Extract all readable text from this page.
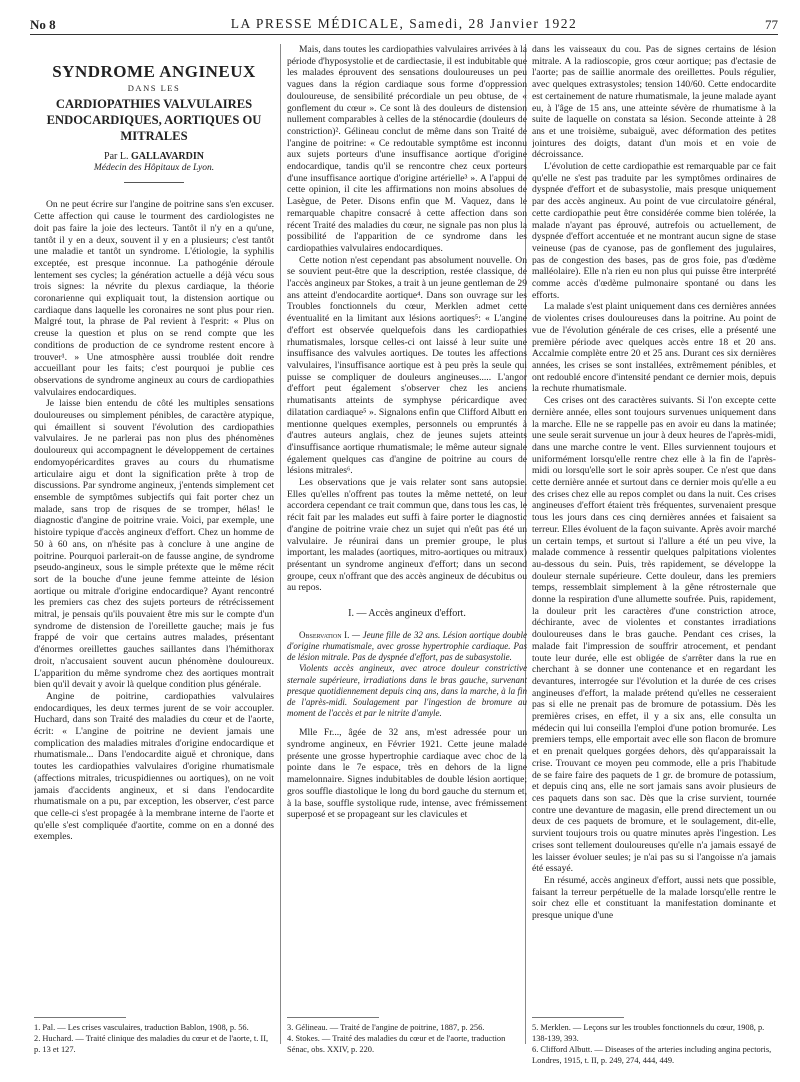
No 8	LA PRESSE MÉDICALE, Samedi, 28 Janvier 1922	77
SYNDROME ANGINEUX
DANS LES
CARDIOPATHIES VALVULAIRES
ENDOCARDIQUES, AORTIQUES OU MITRALES
Par L. GALLAVARDIN
Médecin des Hôpitaux de Lyon.

On ne peut écrire sur l'angine de poitrine sans s'en excuser. Cette affection qui cause le tourment des cardiologistes ne doit pas faire la joie des lecteurs. Tantôt il n'y en a qu'une, tantôt il y en a deux, souvent il y en a plusieurs; c'est tantôt une maladie et tantôt un syndrome. L'étiologie, la syphilis exceptée, est presque inconnue. La pathogénie déroule lentement ses cycles; la génération actuelle a déjà vécu sous trois signes: la névrite du plexus cardiaque, la théorie coronarienne qui expliquait tout, la distension aortique ou cardiaque dans laquelle les coronaires ne sont plus pour rien. Malgré tout, la phrase de Pal revient à l'esprit: « Plus on creuse la question et plus on se rend compte que les conditions de production de ce syndrome restent encore à trouver¹. » Une atmosphère aussi troublée doit rendre accueillant pour les faits; c'est pourquoi je publie ces observations de syndrome angineux au cours de cardiopathies valvulaires endocardiques.

Je laisse bien entendu de côté les multiples sensations douloureuses ou simplement pénibles, de caractère atypique, qui émaillent si souvent l'évolution des cardiopathies valvulaires. Je ne parlerai pas non plus des phénomènes douloureux qui accompagnent le développement de certaines endomyopéricardites graves au cours du rhumatisme articulaire aigu et dont la signification prête à trop de discussions. Par syndrome angineux, j'entends simplement cet ensemble de symptômes subjectifs qui fait porter chez un malade, sans trop de risques de se tromper, hélas! le diagnostic d'angine de poitrine vraie. Voici, par exemple, une histoire typique d'accès angineux d'effort. Chez un homme de 50 à 60 ans, on n'hésite pas à conclure à une angine de poitrine. Pourquoi parlerait-on de fausse angine, de syndrome pseudo-angineux, sous le simple prétexte que le même récit sort de la bouche d'une jeune femme atteinte de lésion aortique ou mitrale d'origine endocardique? Ayant rencontré les premiers cas chez des sujets porteurs de rétrécissement mitral, je pensais qu'ils pouvaient être mis sur le compte d'un syndrome de distension de l'oreillette gauche; mais je fus frappé de voir que certains autres malades, présentant d'énormes oreillettes gauches saillantes dans l'hémithorax droit, n'accusaient souvent aucun phénomène douloureux. L'apparition du même syndrome chez des aortiques montrait bien qu'il devait y avoir là quelque condition plus générale.

Angine de poitrine, cardiopathies valvulaires endocardiques, les deux termes jurent de se voir accoupler. Huchard, dans son Traité des maladies du cœur et de l'aorte, écrit: « L'angine de poitrine ne devient jamais une complication des maladies mitrales d'origine endocardique et rhumatismale... Dans l'endocardite aiguë et chronique, dans toutes les cardiopathies valvulaires d'origine rhumatismale (affections mitrales, tricuspidiennes ou aortiques), on ne voit jamais d'accidents angineux, et si dans l'endocardite rhumatismale on a pu, par exception, les observer, c'est parce que celle-ci s'est propagée à la membrane interne de l'aorte et qu'elle s'est compliquée d'aortite, comme on en a donné des exemples.

Mais, dans toutes les cardiopathies valvulaires arrivées à la période d'hyposystolie et de cardiectasie, il est indubitable que les malades éprouvent des sensations douloureuses un peu vagues dans la région cardiaque sous forme d'oppression douloureuse, de sensibilité précordiale un peu obtuse, de « gonflement du cœur ». Ce sont là des douleurs de distension nullement comparables à celles de la sténocardie (douleurs de constriction)². Gélineau conclut de même dans son Traité de l'angine de poitrine: « Ce redoutable symptôme est inconnu aux sujets porteurs d'une insuffisance aortique d'origine endocardique, tandis qu'il se rencontre chez ceux porteurs d'une insuffisance aortique d'origine artérielle³ ». A l'appui de cette opinion, il cite les affirmations non moins absolues de Lasègue, de Peter. Disons enfin que M. Vaquez, dans le remarquable chapitre consacré à cette affection dans son récent Traité des maladies du cœur, ne signale pas non plus la possibilité de l'apparition de ce syndrome dans les cardiopathies valvulaires endocardiques.

Cette notion n'est cependant pas absolument nouvelle. On se souvient peut-être que la description, restée classique, de l'accès angineux par Stokes, a trait à un jeune gentleman de 29 ans atteint d'endocardite aortique⁴. Dans son ouvrage sur les Troubles fonctionnels du cœur, Merklen admet cette éventualité en la limitant aux lésions aortiques⁵: « L'angine d'effort est observée quelquefois dans les cardiopathies rhumatismales, lorsque celles-ci ont laissé à leur suite une insuffisance des valvules aortiques. De toutes les affections valvulaires, l'insuffisance aortique est à peu près la seule qui puisse se compliquer de douleurs angineuses..... L'angor d'effort peut également s'observer chez les anciens rhumatisants atteints de symphyse péricardique avec dilatation cardiaque⁵ ». Signalons enfin que Clifford Albutt en mentionne quelques exemples, personnels ou empruntés à d'autres auteurs anglais, chez de jeunes sujets atteints d'insuffisance aortique rhumatismale; le même auteur signale également quelques cas d'angine de poitrine au cours de lésions mitrales⁶.

Les observations que je vais relater sont sans autopsie. Elles qu'elles n'offrent pas toutes la même netteté, on leur accordera cependant ce trait commun que, dans tous les cas, le récit fait par les malades eut suffi à faire porter le diagnostic d'angine de poitrine vraie chez un sujet qui n'eût pas été un valvulaire. Je réunirai dans un premier groupe, le plus important, les malades (aortiques, mitro-aortiques ou mitraux) présentant un syndrome angineux d'effort; dans un second groupe, ceux n'offrant que des accès angineux de décubitus ou au repos.

I. — Accès angineux d'effort.

Observation I. — Jeune fille de 32 ans. Lésion aortique double d'origine rhumatismale, avec grosse hypertrophie cardiaque. Pas de lésion mitrale. Pas de dyspnée d'effort, pas de subasystolie.

Violents accès angineux, avec atroce douleur constrictive sternale supérieure, irradiations dans le bras gauche, survenant presque quotidiennement depuis cinq ans, dans la marche, à la fin de l'après-midi. Soulagement par l'ingestion de bromure au moment de l'accès et par le nitrite d'amyle.

Mlle Fr..., âgée de 32 ans, m'est adressée pour un syndrome angineux, en Février 1921. Cette jeune malade présente une grosse hypertrophie cardiaque avec choc de la pointe dans le 7e espace, très en dehors de la ligne mamelonnaire. Signes indubitables de double lésion aortique; gros souffle diastolique le long du bord gauche du sternum et, à la base, souffle systolique rude, intense, avec frémissement superposé et se propageant sur les clavicules et

dans les vaisseaux du cou. Pas de signes certains de lésion mitrale. A la radioscopie, gros cœur aortique; pas d'ectasie de l'aorte; pas de saillie anormale des oreillettes. Pouls régulier, avec quelques extrasystoles; tension 140/60. Cette endocardite est certainement de nature rhumatismale, la jeune malade ayant eu, à l'âge de 15 ans, une atteinte sévère de rhumatisme à la suite de laquelle on constata sa lésion. Seconde atteinte à 28 ans et une troisième, subaiguë, avec déformation des petites jointures des doigts, datant d'un mois et en voie de décroissance.

L'évolution de cette cardiopathie est remarquable par ce fait qu'elle ne s'est pas traduite par les symptômes ordinaires de dyspnée d'effort et de subasystolie, mais presque uniquement par des accès angineux. Au point de vue circulatoire général, cette cardiopathie peut être considérée comme bien tolérée, la malade n'ayant pas éprouvé, autrefois ou actuellement, de dyspnée d'effort accentuée et ne montrant aucun signe de stase veineuse (pas de cyanose, pas de gonflement des jugulaires, pas de congestion des bases, pas de gros foie, pas d'œdème malléolaire). Elle n'a rien eu non plus qui puisse être interprété comme accès d'œdème pulmonaire spontané ou dans les efforts.

La malade s'est plaint uniquement dans ces dernières années de violentes crises douloureuses dans la poitrine. Au point de vue de l'évolution générale de ces crises, elle a présenté une première période avec quelques accès entre 18 et 20 ans. Accalmie complète entre 20 et 25 ans. Durant ces six dernières années, les crises se sont installées, extrêmement pénibles, et ont redoublé encore d'intensité pendant ce dernier mois, depuis la rechute rhumatismale.

Ces crises ont des caractères suivants. Si l'on excepte cette dernière année, elles sont toujours survenues uniquement dans la marche. Elle ne se rappelle pas en avoir eu dans la matinée; une seule serait survenue un jour à deux heures de l'après-midi, dans une marche contre le vent. Elles surviennent toujours et uniformément lorsqu'elle rentre chez elle à la fin de l'après-midi ou lorsqu'elle sort le soir après souper. Ce n'est que dans cette dernière année et surtout dans ce dernier mois qu'elle a eu des crises chez elle au repos complet ou dans la nuit. Ces crises angineuses d'effort étaient très fréquentes, survenaient presque tous les jours dans ces cinq dernières années et faisaient sa terreur. Elles évoluent de la façon suivante. Après avoir marché un certain temps, et surtout si l'allure a été un peu vive, la malade commence à ressentir quelques palpitations violentes au-dessous du sein. Puis, très rapidement, se développe la douleur sternale supérieure. Cette douleur, dans les premiers temps, ressemblait simplement à la gêne rétrosternale que donne la respiration d'une allumette soufrée. Puis, rapidement, la douleur prit les caractères d'une constriction atroce, déchirante, avec de violentes et constantes irradiations douloureuses dans le bras gauche. Pendant ces crises, la malade fait l'impression de souffrir atrocement, et pendant toute leur durée, elle est obligée de s'arrêter dans la rue en cherchant à se donner une contenance et en regardant les devantures, interrogée sur l'évolution et la durée de ces crises angineuses d'effort, la malade prétend qu'elles ne cesseraient pas si elle ne prenait pas de bromure de potassium. Dès les premières crises, en effet, il y a six ans, elle consulta un médecin qui lui conseilla l'emploi d'une potion bromurée. Les premiers temps, elle emportait avec elle son flacon de bromure et en prenait quelques gorgées dehors, dès qu'apparaissait la crise. Trouvant ce moyen peu commode, elle a pris l'habitude de se faire faire des paquets de 1 gr. de bromure de potassium, et depuis cinq ans, elle ne sort jamais sans avoir plusieurs de ces paquets dans son sac. Dès que la crise survient, tournée contre une devanture de magasin, elle prend directement un ou deux de ces paquets de bromure, et le soulagement, dit-elle, survient toujours trois ou quatre minutes après l'ingestion. Les crises sont tellement douloureuses qu'elle n'a jamais essayé de les laisser évoluer seules; je n'ai pas su si l'angoisse n'a jamais été essayé.

En résumé, accès angineux d'effort, aussi nets que possible, faisant la terreur perpétuelle de la malade lorsqu'elle rentre le soir chez elle et constituant la manifestation dominante et presque unique d'une

1. Pal. — Les crises vasculaires, traduction Bablon, 1908, p. 56.

2. Huchard. — Traité clinique des maladies du cœur et de l'aorte, t. II, p. 13 et 127.

3. Gélineau. — Traité de l'angine de poitrine, 1887, p. 256.

4. Stokes. — Traité des maladies du cœur et de l'aorte, traduction Sénac, obs. XXIV, p. 220.

5. Merklen. — Leçons sur les troubles fonctionnels du cœur, 1908, p. 138-139, 393.

6. Clifford Albutt. — Diseases of the arteries including angina pectoris, Londres, 1915, t. II, p. 249, 274, 444, 449.
